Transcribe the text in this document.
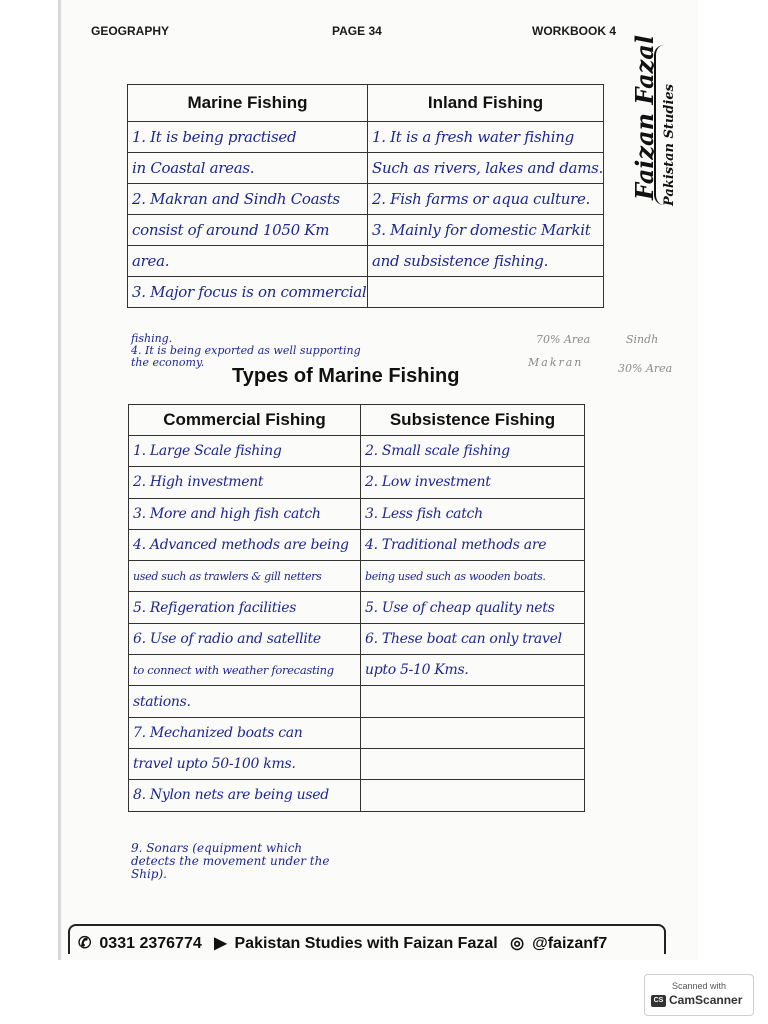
GEOGRAPHY	PAGE 34	WORKBOOK 4
Faizan Fazal Pakistan Studies
Marine Fishing	Inland Fishing
1. It is being practised	1. It is a fresh water fishing
in Coastal areas.	Such as rivers, lakes and dams.
2. Makran and Sindh Coasts	2. Fish farms or aqua culture.
consist of around 1050 Km	3. Mainly for domestic Markit
area.	and subsistence fishing.
3. Major focus is on commercial	
fishing.
4. It is being exported as well supporting
the economy.
70% Area	Sindh
Makran	30% Area
Types of Marine Fishing
Commercial Fishing	Subsistence Fishing
1. Large Scale fishing	2. Small scale fishing
2. High investment	2. Low investment
3. More and high fish catch	3. Less fish catch
4. Advanced methods are being	4. Traditional methods are
used such as trawlers & gill netters	being used such as wooden boats.
5. Refigeration facilities	5. Use of cheap quality nets
6. Use of radio and satellite	6. These boat can only travel
to connect with weather forecasting	upto 5-10 Kms.
stations.	
7. Mechanized boats can	
travel upto 50-100 kms.	
8. Nylon nets are being used	
9. Sonars (equipment which
detects the movement under the
Ship).
✆ 0331 2376774 ▶ Pakistan Studies with Faizan Fazal ◎ @faizanf7
Scanned with
CS CamScanner
